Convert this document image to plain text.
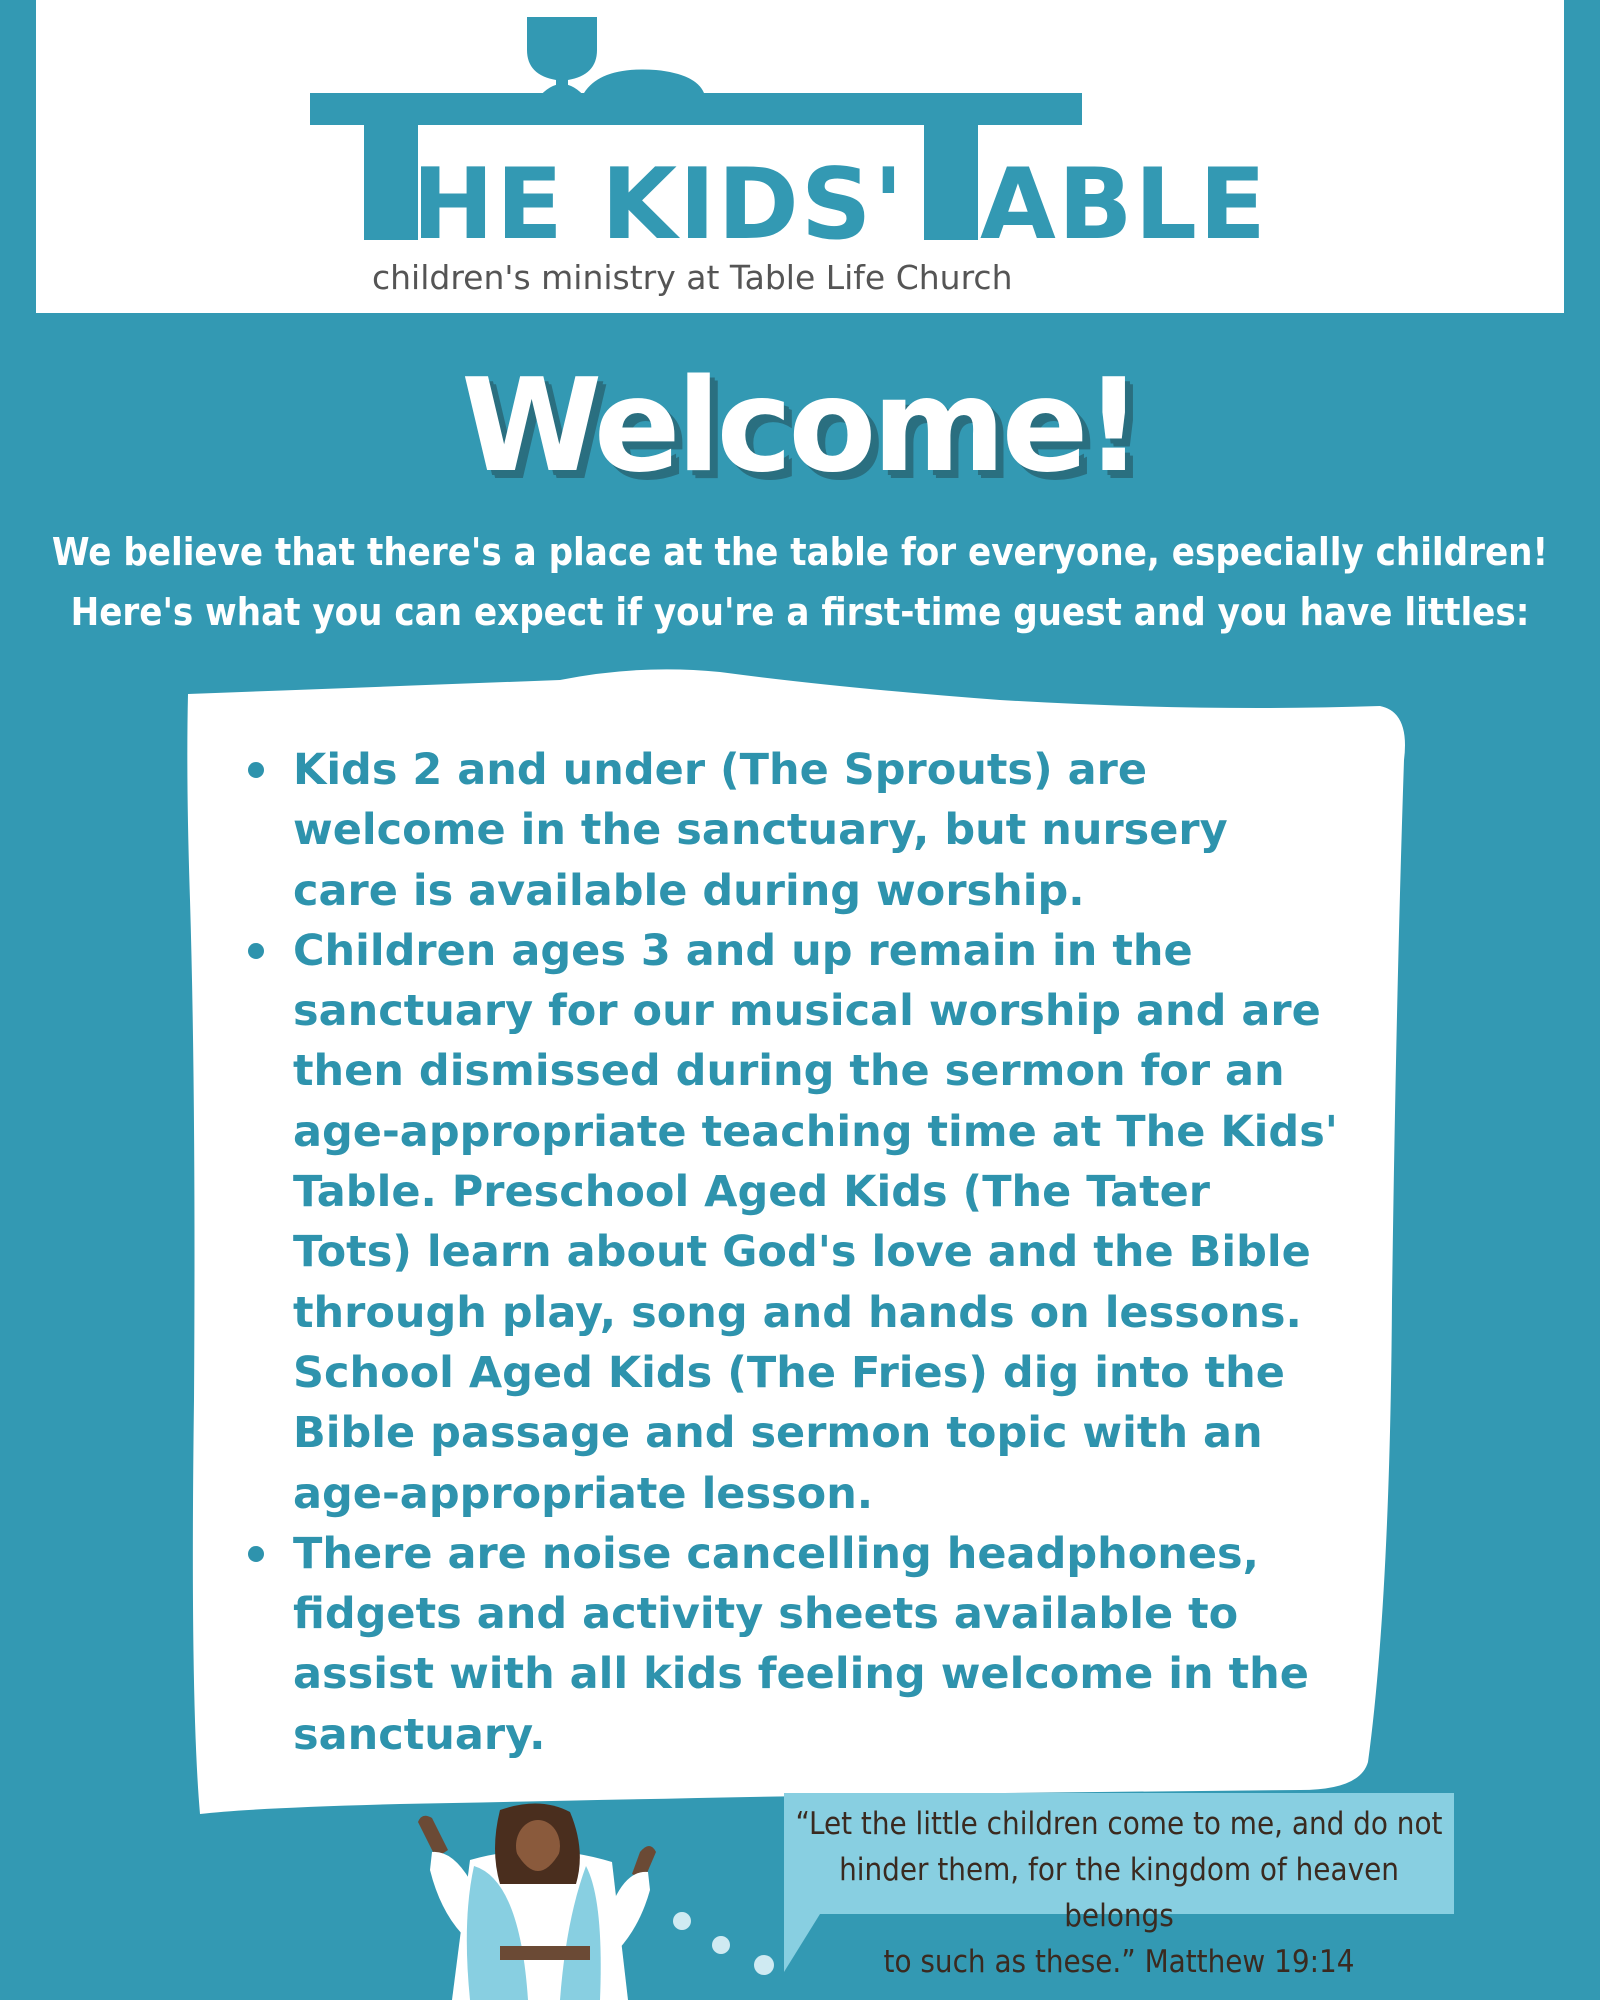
HE KIDS' ABLE
children's ministry at Table Life Church
Welcome!
We believe that there's a place at the table for everyone, especially children!
Here's what you can expect if you're a first-time guest and you have littles:
Kids 2 and under (The Sprouts) are welcome in the sanctuary, but nursery care is available during worship.
Children ages 3 and up remain in the sanctuary for our musical worship and are then dismissed during the sermon for an age-appropriate teaching time at The Kids' Table. Preschool Aged Kids (The Tater Tots) learn about God's love and the Bible through play, song and hands on lessons. School Aged Kids (The Fries) dig into the Bible passage and sermon topic with an age-appropriate lesson.
There are noise cancelling headphones, fidgets and activity sheets available to assist with all kids feeling welcome in the sanctuary.
“Let the little children come to me, and do not
hinder them, for the kingdom of heaven belongs
to such as these.” Matthew 19:14
